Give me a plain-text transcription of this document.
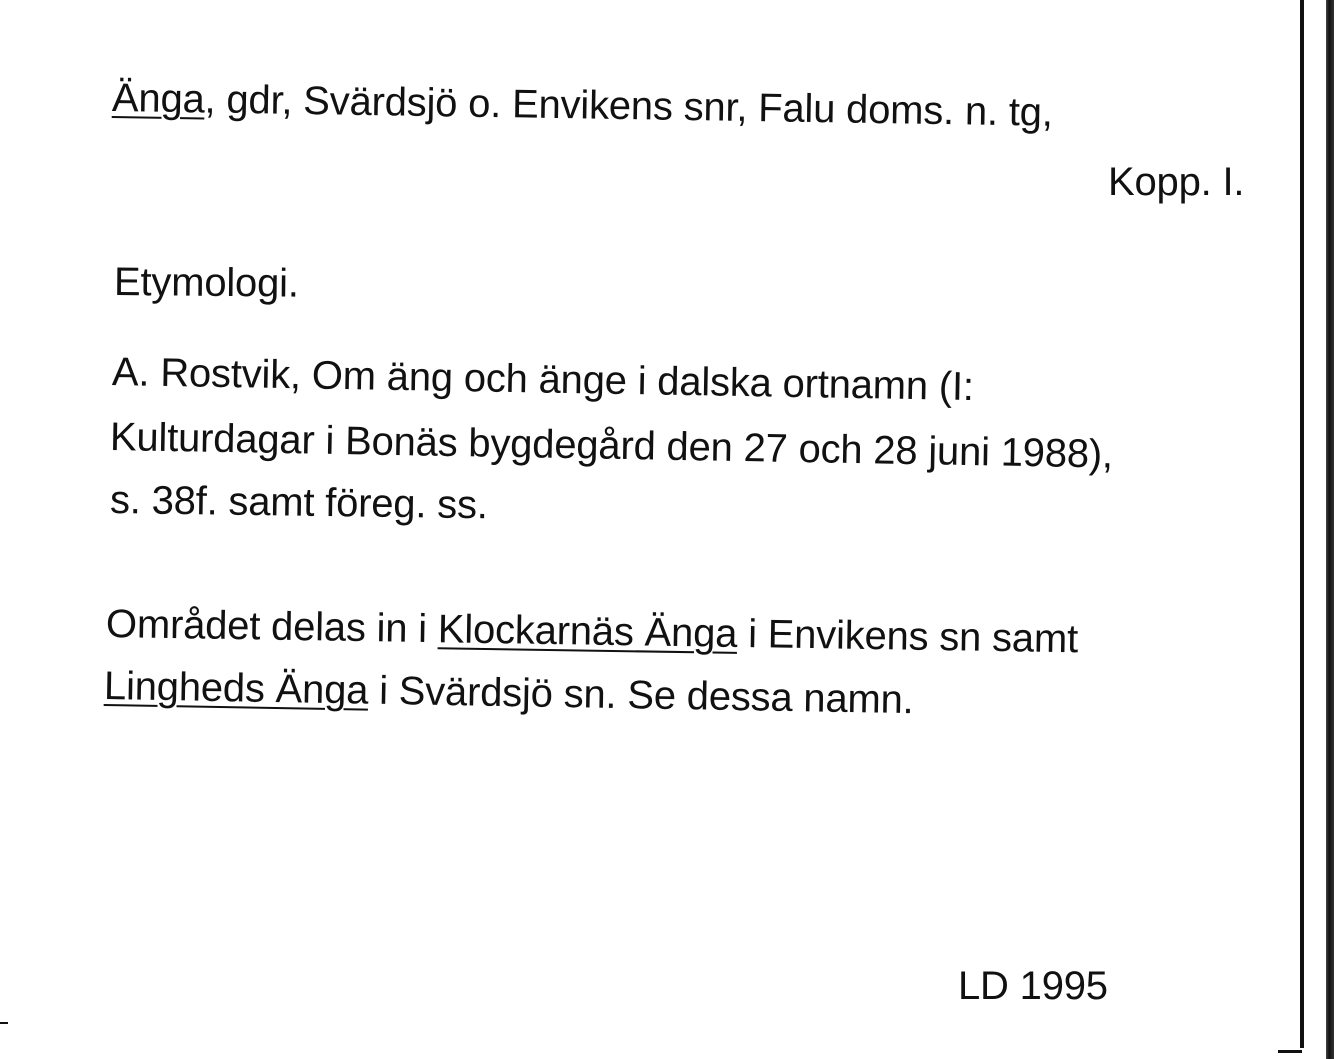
Änga, gdr, Svärdsjö o. Envikens snr, Falu doms. n. tg,
Kopp. I.
Etymologi.
A. Rostvik, Om äng och änge i dalska ortnamn (I:
Kulturdagar i Bonäs bygdegård den 27 och 28 juni 1988),
s. 38f. samt föreg. ss.
Området delas in i Klockarnäs Änga i Envikens sn samt
Lingheds Änga i Svärdsjö sn. Se dessa namn.
LD 1995
